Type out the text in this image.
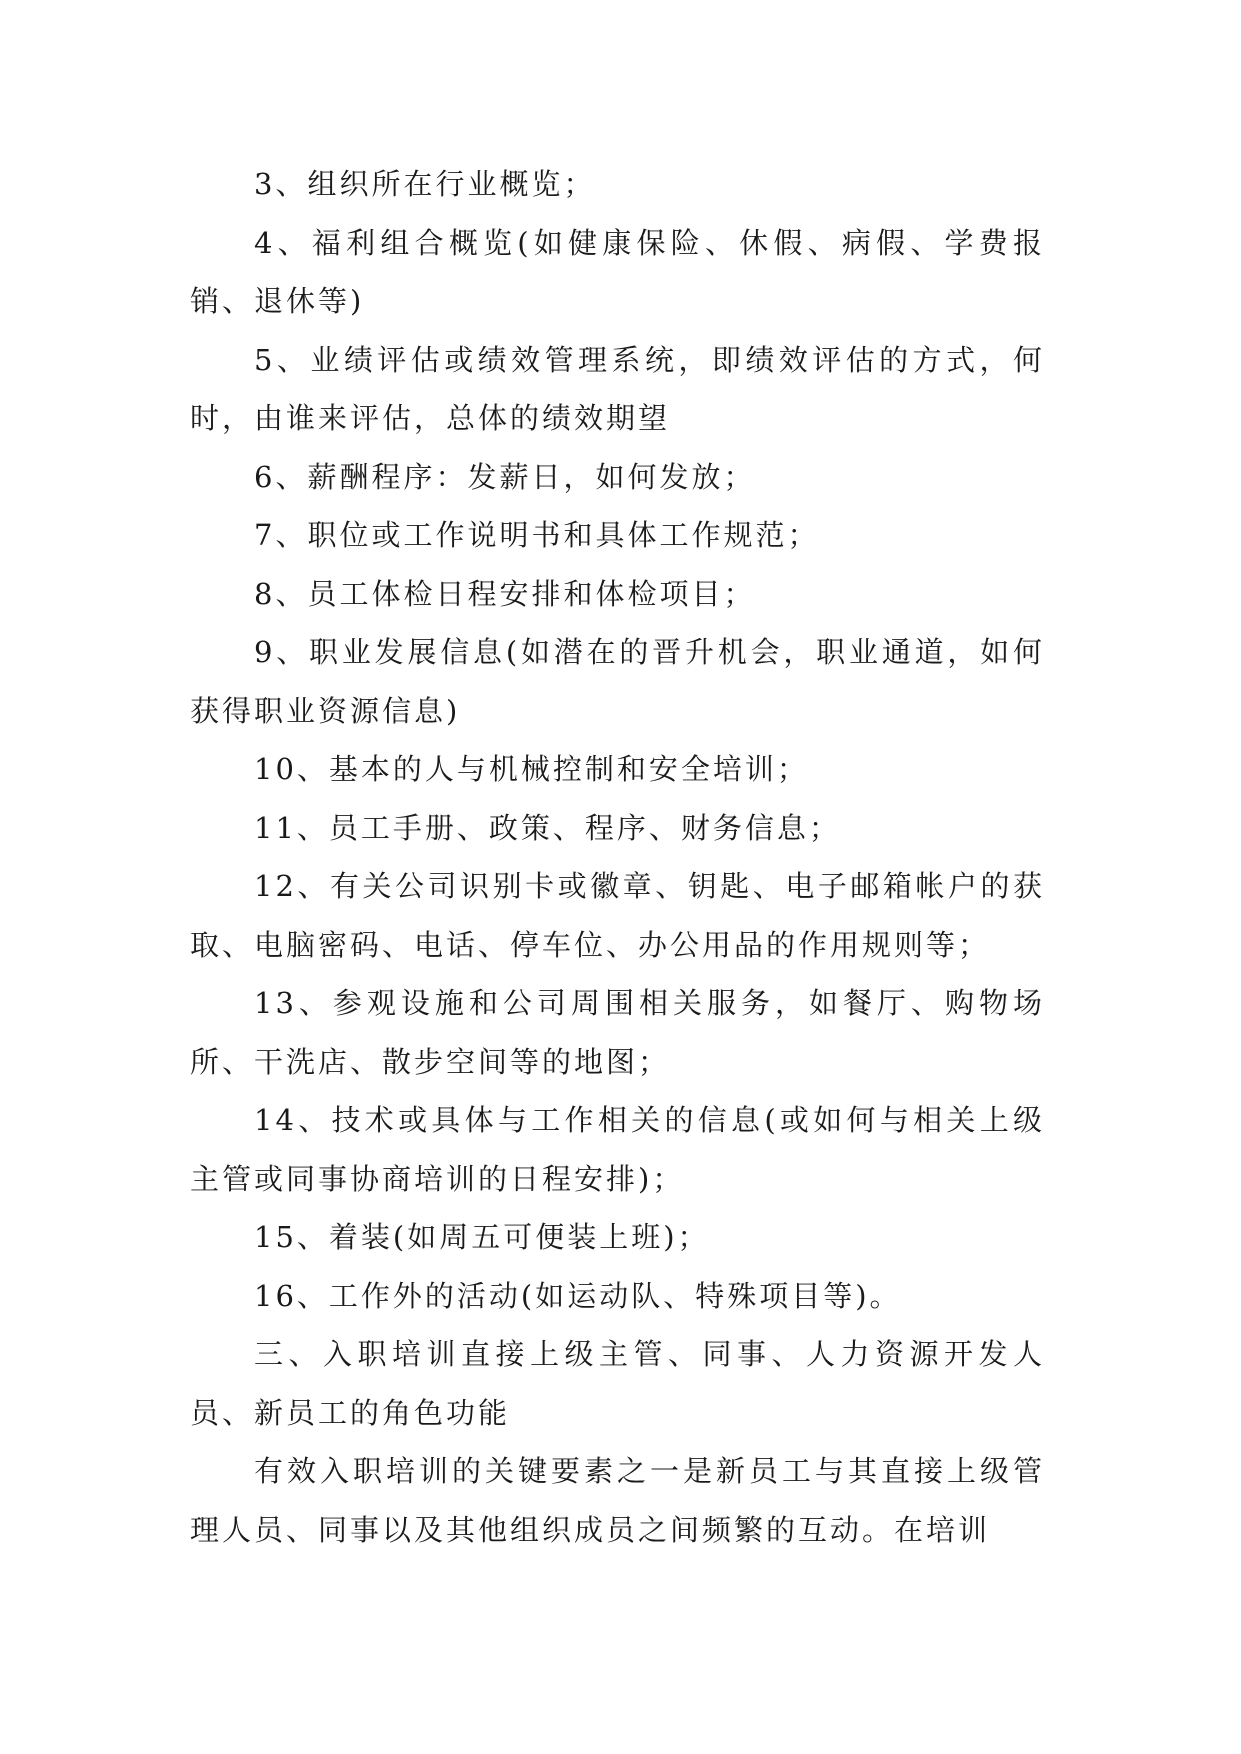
3、组织所在行业概览；

4、福利组合概览(如健康保险、休假、病假、学费报销、退休等)

5、业绩评估或绩效管理系统，即绩效评估的方式，何时，由谁来评估，总体的绩效期望

6、薪酬程序：发薪日，如何发放；

7、职位或工作说明书和具体工作规范；

8、员工体检日程安排和体检项目；

9、职业发展信息(如潜在的晋升机会，职业通道，如何获得职业资源信息)

10、基本的人与机械控制和安全培训；

11、员工手册、政策、程序、财务信息；

12、有关公司识别卡或徽章、钥匙、电子邮箱帐户的获取、电脑密码、电话、停车位、办公用品的作用规则等；

13、参观设施和公司周围相关服务，如餐厅、购物场所、干洗店、散步空间等的地图；

14、技术或具体与工作相关的信息(或如何与相关上级主管或同事协商培训的日程安排)；

15、着装(如周五可便装上班)；

16、工作外的活动(如运动队、特殊项目等)。

三、入职培训直接上级主管、同事、人力资源开发人员、新员工的角色功能

有效入职培训的关键要素之一是新员工与其直接上级管理人员、同事以及其他组织成员之间频繁的互动。在培训
